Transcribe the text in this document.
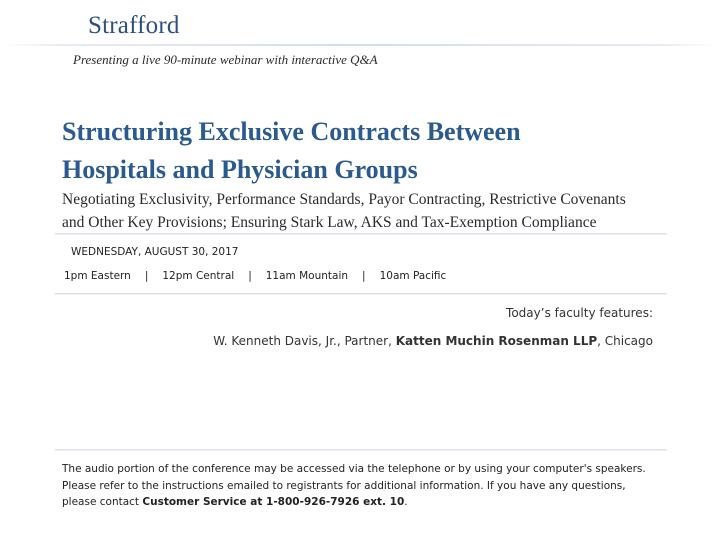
Strafford
Presenting a live 90-minute webinar with interactive Q&A
Structuring Exclusive Contracts Between
Hospitals and Physician Groups

Negotiating Exclusivity, Performance Standards, Payor Contracting, Restrictive Covenants
and Other Key Provisions; Ensuring Stark Law, AKS and Tax-Exemption Compliance

WEDNESDAY, AUGUST 30, 2017
1pm Eastern | 12pm Central | 11am Mountain | 10am Pacific
Today’s faculty features:
W. Kenneth Davis, Jr., Partner, Katten Muchin Rosenman LLP, Chicago

The audio portion of the conference may be accessed via the telephone or by using your computer's speakers. Please refer to the instructions emailed to registrants for additional information. If you have any questions, please contact Customer Service at 1-800-926-7926 ext. 10.
